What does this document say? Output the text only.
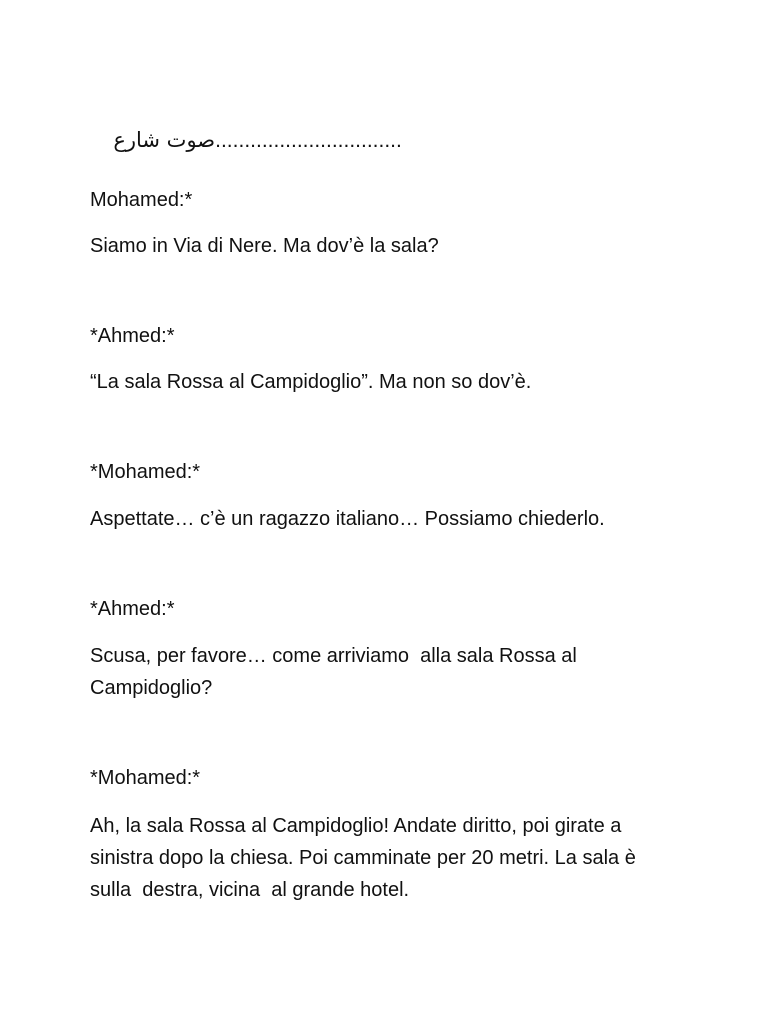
صوت شارع................................

Mohamed:*
Siamo in Via di Nere. Ma dov’è la sala?
*Ahmed:*
“La sala Rossa al Campidoglio”. Ma non so dov’è.
*Mohamed:*
Aspettate… c’è un ragazzo italiano… Possiamo chiederlo.
*Ahmed:*
Scusa, per favore… come arriviamo  alla sala Rossa al Campidoglio?
*Mohamed:*
Ah, la sala Rossa al Campidoglio! Andate diritto, poi girate a sinistra dopo la chiesa. Poi camminate per 20 metri. La sala è sulla  destra, vicina  al grande hotel.
